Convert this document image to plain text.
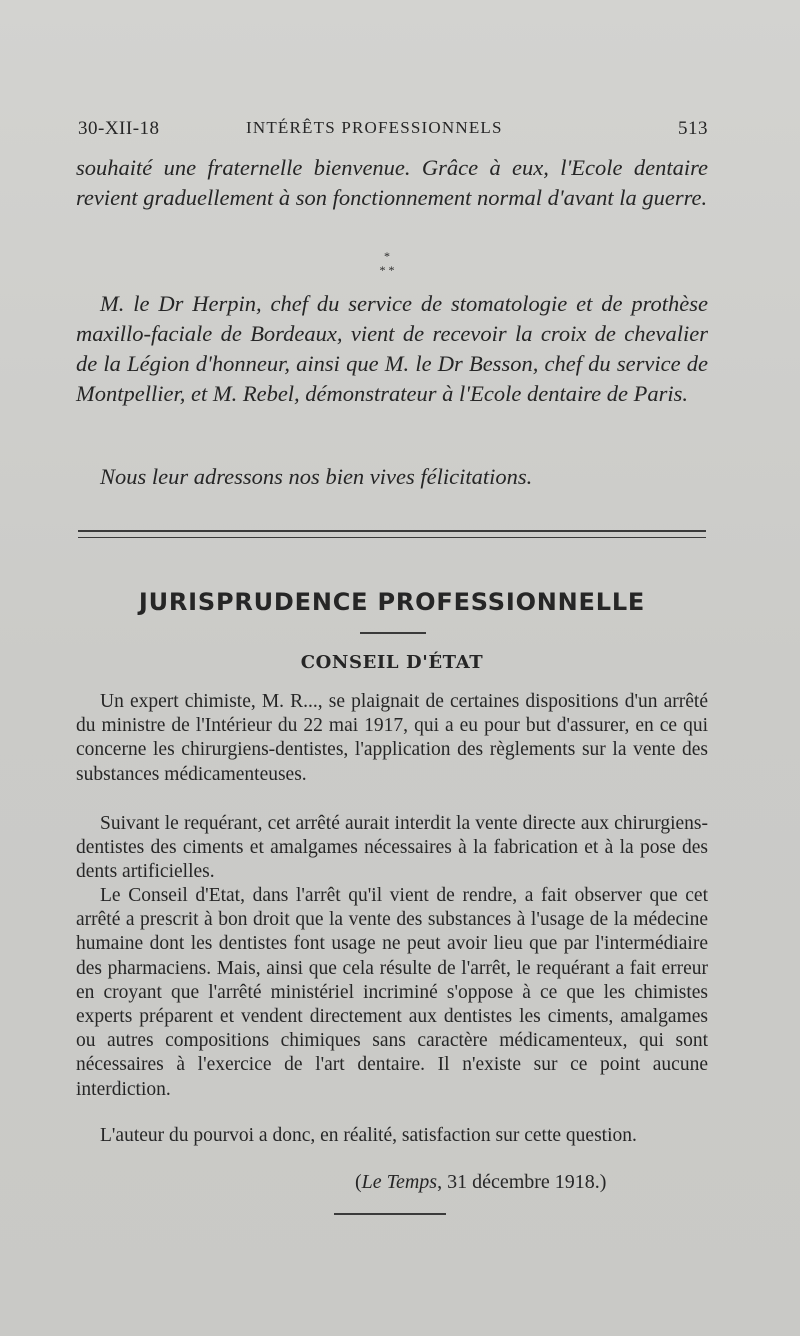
30-XII-18	INTÉRÊTS PROFESSIONNELS	513
souhaité une fraternelle bienvenue. Grâce à eux, l'Ecole dentaire revient graduellement à son fonctionnement normal d'avant la guerre.
*
* *
M. le Dr Herpin, chef du service de stomatologie et de prothèse maxillo-faciale de Bordeaux, vient de recevoir la croix de chevalier de la Légion d'honneur, ainsi que M. le Dr Besson, chef du service de Montpellier, et M. Rebel, démonstrateur à l'Ecole dentaire de Paris.
Nous leur adressons nos bien vives félicitations.
JURISPRUDENCE PROFESSIONNELLE
CONSEIL D'ÉTAT
Un expert chimiste, M. R..., se plaignait de certaines dispositions d'un arrêté du ministre de l'Intérieur du 22 mai 1917, qui a eu pour but d'assurer, en ce qui concerne les chirurgiens-dentistes, l'application des règlements sur la vente des substances médicamenteuses.
Suivant le requérant, cet arrêté aurait interdit la vente directe aux chirurgiens-dentistes des ciments et amalgames nécessaires à la fabrication et à la pose des dents artificielles.
Le Conseil d'Etat, dans l'arrêt qu'il vient de rendre, a fait observer que cet arrêté a prescrit à bon droit que la vente des substances à l'usage de la médecine humaine dont les dentistes font usage ne peut avoir lieu que par l'intermédiaire des pharmaciens. Mais, ainsi que cela résulte de l'arrêt, le requérant a fait erreur en croyant que l'arrêté ministériel incriminé s'oppose à ce que les chimistes experts préparent et vendent directement aux dentistes les ciments, amalgames ou autres compositions chimiques sans caractère médicamenteux, qui sont nécessaires à l'exercice de l'art dentaire. Il n'existe sur ce point aucune interdiction.
L'auteur du pourvoi a donc, en réalité, satisfaction sur cette question.
(Le Temps, 31 décembre 1918.)
